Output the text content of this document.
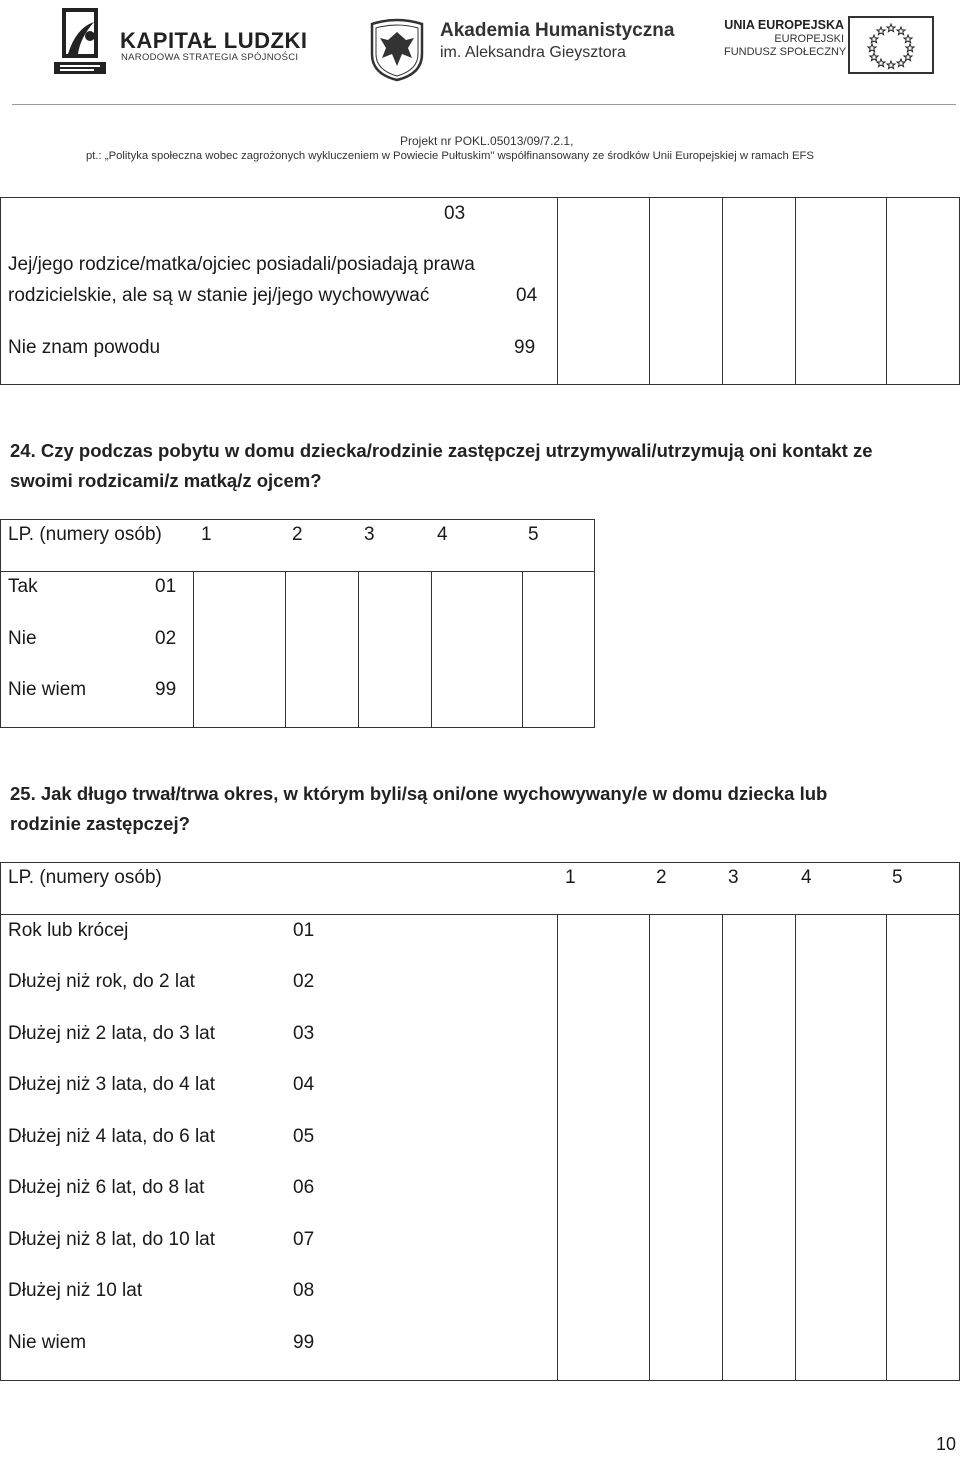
KAPITAŁ LUDZKI
NARODOWA STRATEGIA SPÓJNOŚCI
Akademia Humanistyczna
im. Aleksandra Gieysztora
UNIA EUROPEJSKA
EUROPEJSKI
FUNDUSZ SPOŁECZNY
Projekt nr POKL.05013/09/7.2.1,
pt.: „Polityka społeczna wobec zagrożonych wykluczeniem w Powiecie Pułtuskim" współfinansowany ze środków Unii Europejskiej w ramach EFS
03
Jej/jego rodzice/matka/ojciec posiadali/posiadają prawa
rodzicielskie, ale są w stanie jej/jego wychowywać	04
Nie znam powodu	99
24. Czy podczas pobytu w domu dziecka/rodzinie zastępczej utrzymywali/utrzymują oni kontakt ze
swoimi rodzicami/z matką/z ojcem?
LP. (numery osób) 1	2	3	4	5
Tak	01
Nie	02
Nie wiem	99
25. Jak długo trwał/trwa okres, w którym byli/są oni/one wychowywany/e w domu dziecka lub
rodzinie zastępczej?
LP. (numery osób)	1	2	3	4	5
Rok lub krócej	01
Dłużej niż rok, do 2 lat	02
Dłużej niż 2 lata, do 3 lat	03
Dłużej niż 3 lata, do 4 lat	04
Dłużej niż 4 lata, do 6 lat	05
Dłużej niż 6 lat, do 8 lat	06
Dłużej niż 8 lat, do 10 lat	07
Dłużej niż 10 lat	08
Nie wiem	99
10
